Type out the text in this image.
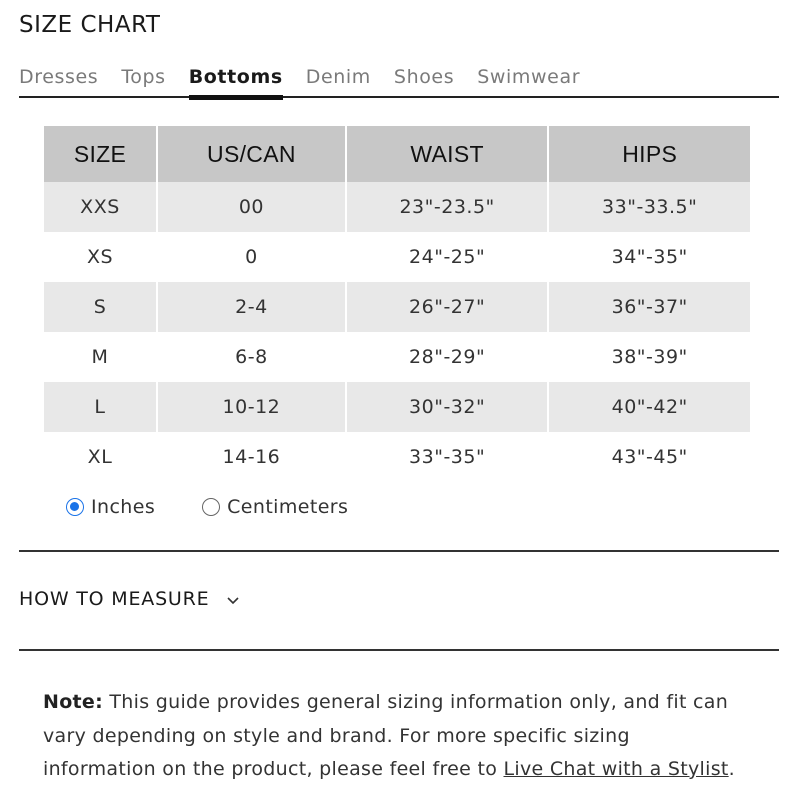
SIZE CHART
Dresses Tops Bottoms Denim Shoes Swimwear
SIZE	US/CAN	WAIST	HIPS
XXS	00	23"-23.5"	33"-33.5"
XS	0	24"-25"	34"-35"
S	2-4	26"-27"	36"-37"
M	6-8	28"-29"	38"-39"
L	10-12	30"-32"	40"-42"
XL	14-16	33"-35"	43"-45"
Inches	Centimeters
HOW TO MEASURE
Note: This guide provides general sizing information only, and fit can vary depending on style and brand. For more specific sizing information on the product, please feel free to Live Chat with a Stylist.
